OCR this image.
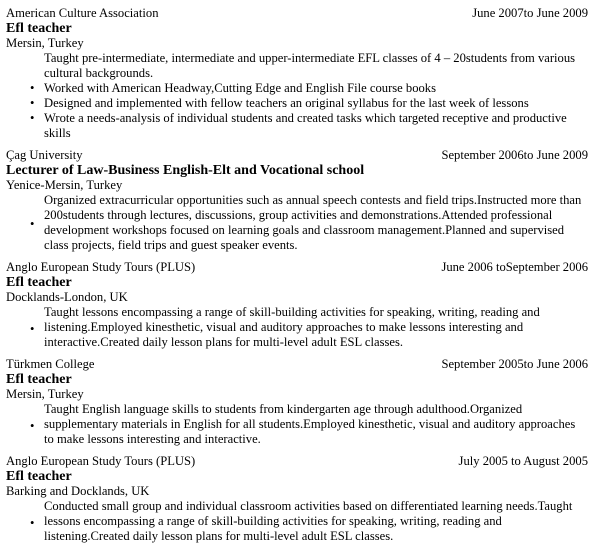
American Culture Association	June 2007to June 2009
Efl teacher
Mersin, Turkey
Taught pre-intermediate, intermediate and upper-intermediate EFL classes of 4 – 20students from various cultural backgrounds.
• Worked with American Headway,Cutting Edge and English File course books
• Designed and implemented with fellow teachers an original syllabus for the last week of lessons
• Wrote a needs-analysis of individual students and created tasks which targeted receptive and productive skills
Çag University	September 2006to June 2009
Lecturer of Law-Business English-Elt and Vocational school
Yenice-Mersin, Turkey
• Organized extracurricular opportunities such as annual speech contests and field trips.Instructed more than 200students through lectures, discussions, group activities and demonstrations.Attended professional development workshops focused on learning goals and classroom management.Planned and supervised class projects, field trips and guest speaker events.
Anglo European Study Tours (PLUS)	June 2006 toSeptember 2006
Efl teacher
Docklands-London, UK
• Taught lessons encompassing a range of skill-building activities for speaking, writing, reading and listening.Employed kinesthetic, visual and auditory approaches to make lessons interesting and interactive.Created daily lesson plans for multi-level adult ESL classes.
Türkmen College	September 2005to June 2006
Efl teacher
Mersin, Turkey
• Taught English language skills to students from kindergarten age through adulthood.Organized supplementary materials in English for all students.Employed kinesthetic, visual and auditory approaches to make lessons interesting and interactive.
Anglo European Study Tours (PLUS)	July 2005 to August 2005
Efl teacher
Barking and Docklands, UK
• Conducted small group and individual classroom activities based on differentiated learning needs.Taught lessons encompassing a range of skill-building activities for speaking, writing, reading and listening.Created daily lesson plans for multi-level adult ESL classes.
